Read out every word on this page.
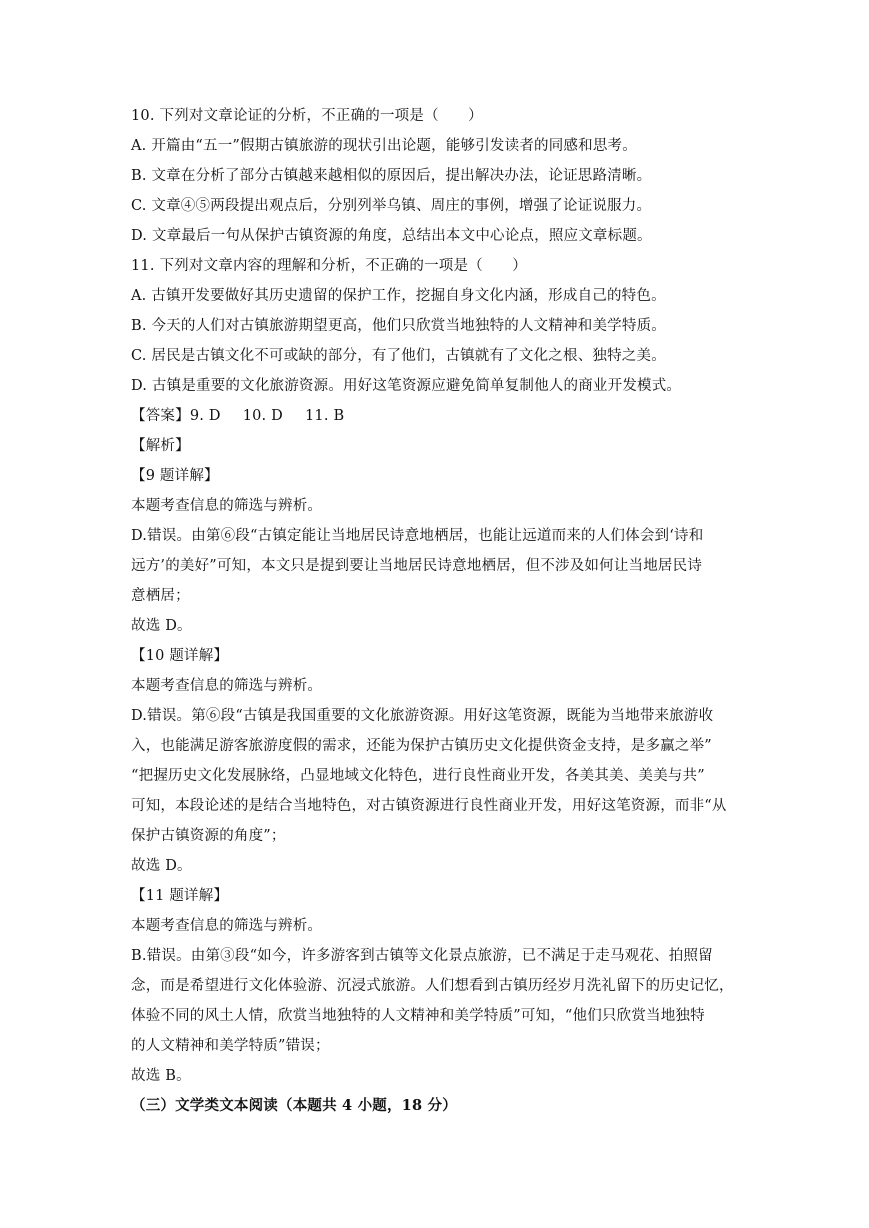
10. 下列对文章论证的分析，不正确的一项是（　　）
A. 开篇由“五一”假期古镇旅游的现状引出论题，能够引发读者的同感和思考。
B. 文章在分析了部分古镇越来越相似的原因后，提出解决办法，论证思路清晰。
C. 文章④⑤两段提出观点后，分别列举乌镇、周庄的事例，增强了论证说服力。
D. 文章最后一句从保护古镇资源的角度，总结出本文中心论点，照应文章标题。
11. 下列对文章内容的理解和分析，不正确的一项是（　　）
A. 古镇开发要做好其历史遗留的保护工作，挖掘自身文化内涵，形成自己的特色。
B. 今天的人们对古镇旅游期望更高，他们只欣赏当地独特的人文精神和美学特质。
C. 居民是古镇文化不可或缺的部分，有了他们，古镇就有了文化之根、独特之美。
D. 古镇是重要的文化旅游资源。用好这笔资源应避免简单复制他人的商业开发模式。
【答案】9. D 10. D 11. B
【解析】
【9 题详解】
本题考查信息的筛选与辨析。
D.错误。由第⑥段“古镇定能让当地居民诗意地栖居，也能让远道而来的人们体会到‘诗和
远方’的美好”可知，本文只是提到要让当地居民诗意地栖居，但不涉及如何让当地居民诗
意栖居；
故选 D。
【10 题详解】
本题考查信息的筛选与辨析。
D.错误。第⑥段“古镇是我国重要的文化旅游资源。用好这笔资源，既能为当地带来旅游收
入，也能满足游客旅游度假的需求，还能为保护古镇历史文化提供资金支持，是多赢之举”
“把握历史文化发展脉络，凸显地域文化特色，进行良性商业开发，各美其美、美美与共”
可知，本段论述的是结合当地特色，对古镇资源进行良性商业开发，用好这笔资源，而非“从
保护古镇资源的角度”；
故选 D。
【11 题详解】
本题考查信息的筛选与辨析。
B.错误。由第③段“如今，许多游客到古镇等文化景点旅游，已不满足于走马观花、拍照留
念，而是希望进行文化体验游、沉浸式旅游。人们想看到古镇历经岁月洗礼留下的历史记忆，
体验不同的风土人情，欣赏当地独特的人文精神和美学特质”可知，“他们只欣赏当地独特
的人文精神和美学特质”错误；
故选 B。
（三）文学类文本阅读（本题共 4 小题，18 分）
